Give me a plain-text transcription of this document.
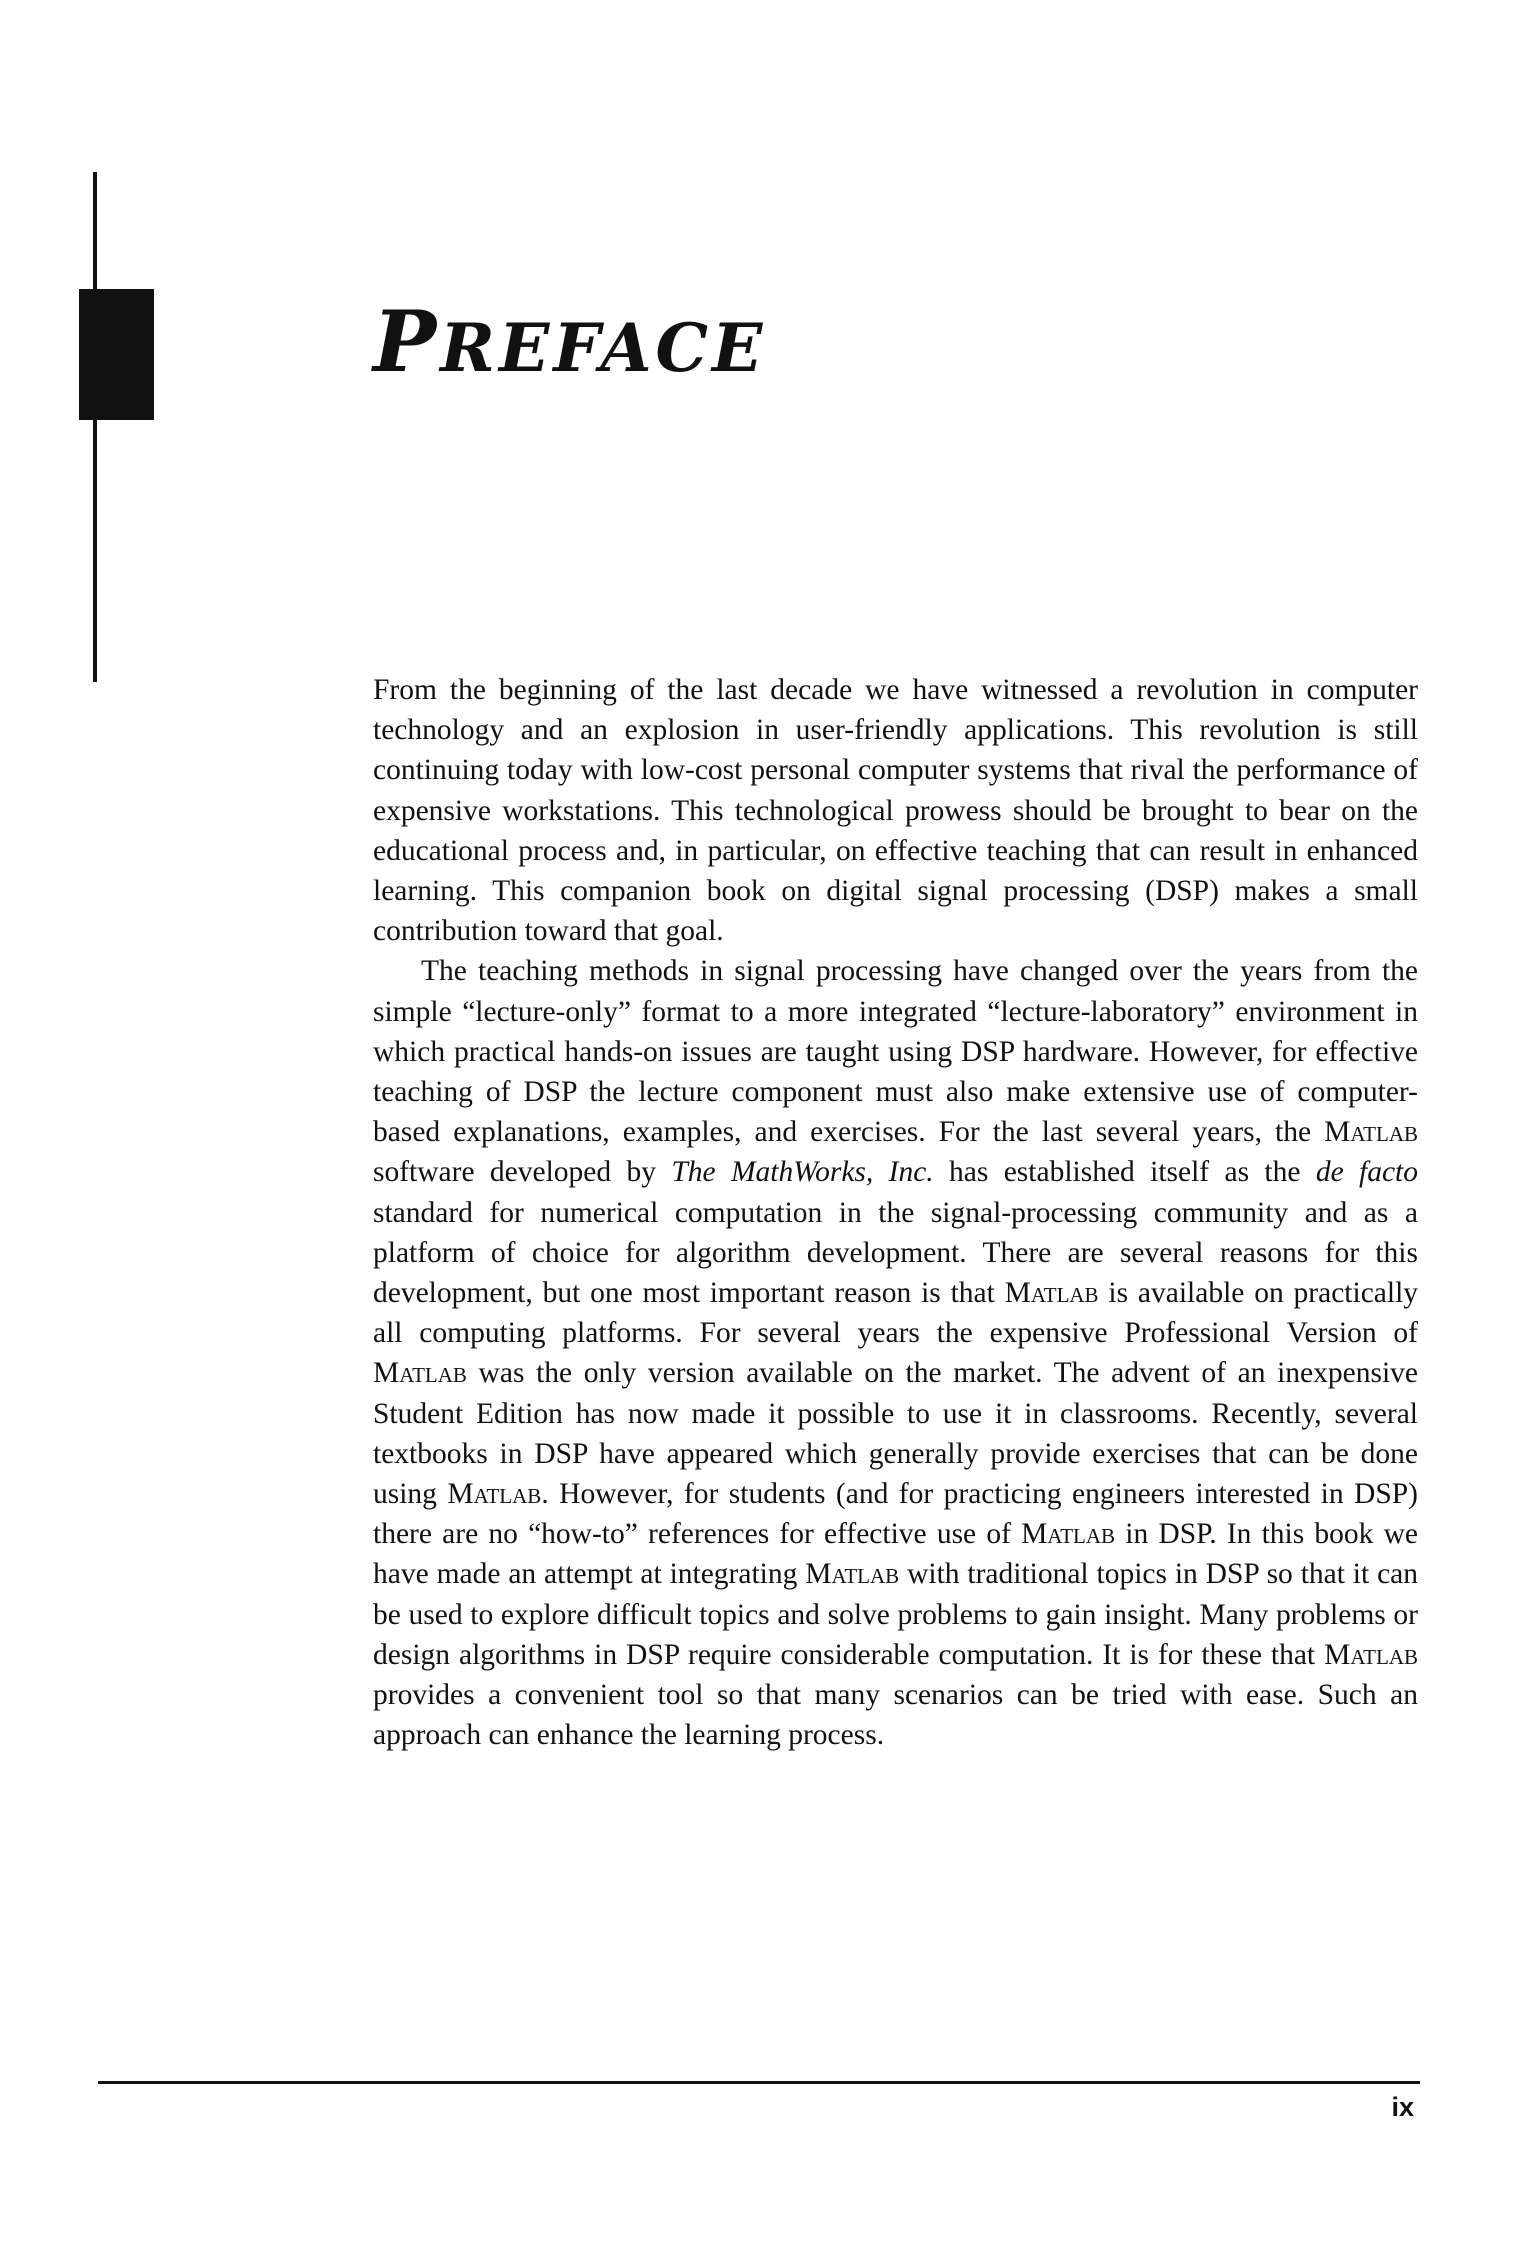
PREFACE

From the beginning of the last decade we have witnessed a revolution in computer technology and an explosion in user-friendly applications. This revolution is still continuing today with low-cost personal computer systems that rival the performance of expensive workstations. This technological prowess should be brought to bear on the educational process and, in particular, on effective teaching that can result in enhanced learning. This companion book on digital signal processing (DSP) makes a small contribution toward that goal.

The teaching methods in signal processing have changed over the years from the simple “lecture-only” format to a more integrated “lecture-laboratory” environment in which practical hands-on issues are taught using DSP hardware. However, for effective teaching of DSP the lecture component must also make extensive use of computer-based explanations, examples, and exercises. For the last several years, the Matlab software developed by The MathWorks, Inc. has established itself as the de facto standard for numerical computation in the signal-processing community and as a platform of choice for algorithm development. There are several reasons for this development, but one most important reason is that Matlab is available on practically all computing platforms. For several years the expensive Professional Version of Matlab was the only version available on the market. The advent of an inexpensive Student Edition has now made it possible to use it in classrooms. Recently, several textbooks in DSP have appeared which generally provide exercises that can be done using Matlab. However, for students (and for practicing engineers interested in DSP) there are no “how-to” references for effective use of Matlab in DSP. In this book we have made an attempt at integrating Matlab with traditional topics in DSP so that it can be used to explore difficult topics and solve problems to gain insight. Many problems or design algorithms in DSP require considerable computation. It is for these that Matlab provides a convenient tool so that many scenarios can be tried with ease. Such an approach can enhance the learning process.

ix
